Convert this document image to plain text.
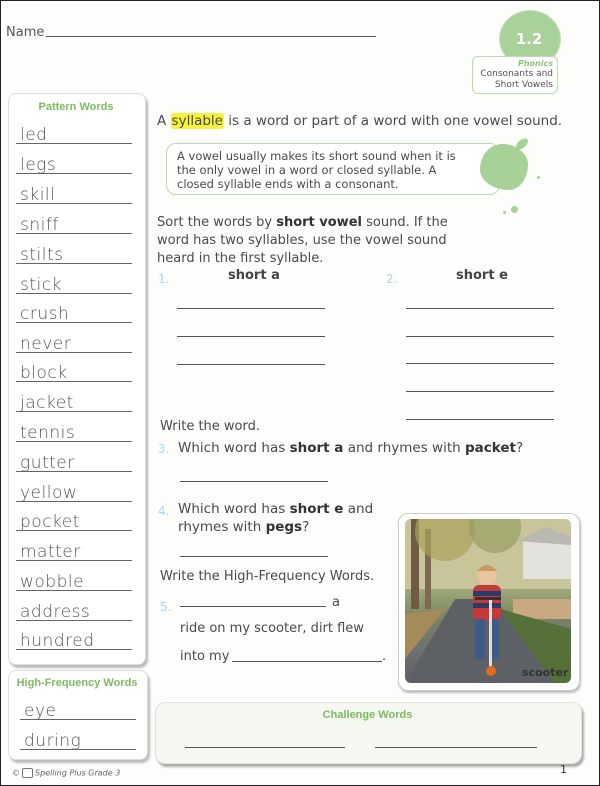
Name	1.2
Phonics
Consonants and
Short Vowels
Pattern Words
led
legs
skill
sniff
stilts
stick
crush
never
block
jacket
tennis
gutter
yellow
pocket
matter
wobble
address
hundred
High-Frequency Words
eye
during
A syllable is a word or part of a word with one vowel sound.
A vowel usually makes its short sound when it is
the only vowel in a word or closed syllable. A
closed syllable ends with a consonant.
Sort the words by short vowel sound. If the
word has two syllables, use the vowel sound
heard in the first syllable.
1.	short a	2.	short e
Write the word.
3. Which word has short a and rhymes with packet?
4. Which word has short e and
rhymes with pegs?
Write the High-Frequency Words.
5.	a
ride on my scooter, dirt flew
into my	.
scooter
Challenge Words
© Spelling Plus Grade 3	1
